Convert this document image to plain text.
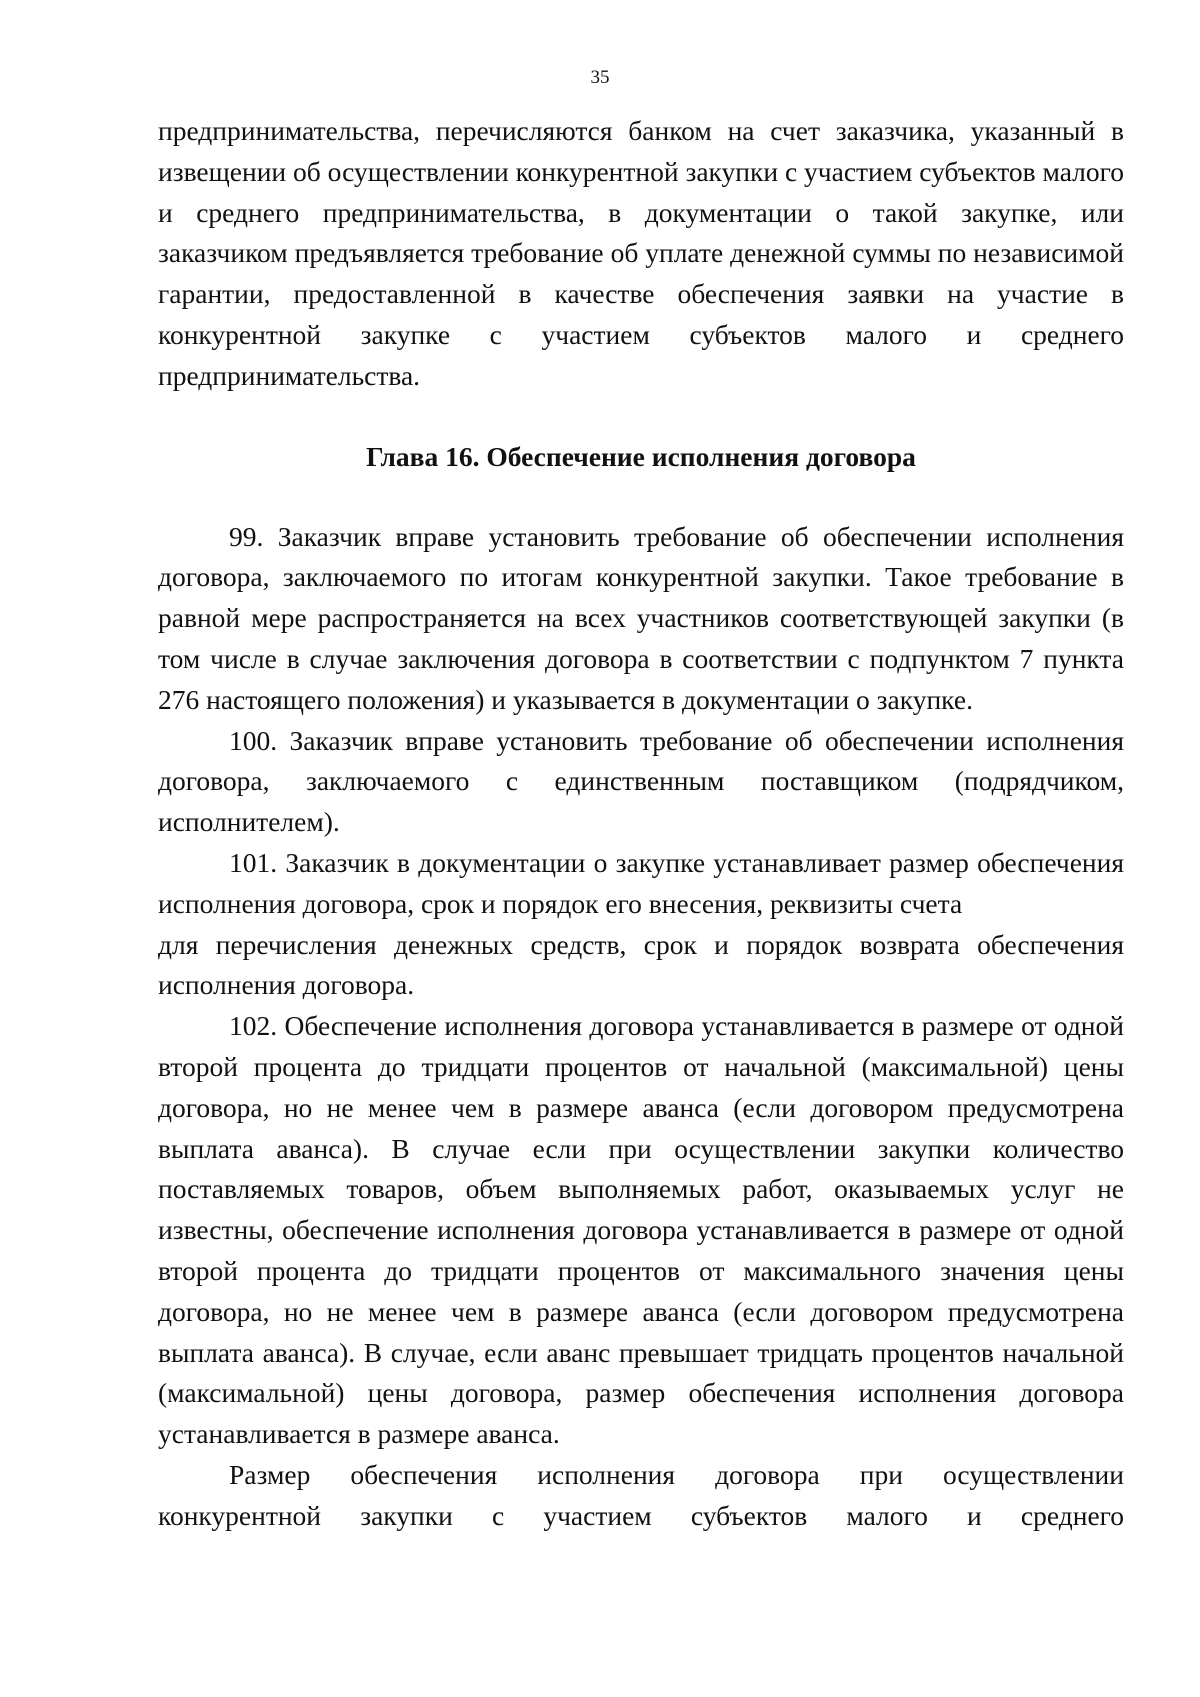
35

предпринимательства, перечисляются банком на счет заказчика, указанный в извещении об осуществлении конкурентной закупки с участием субъектов малого и среднего предпринимательства, в документации о такой закупке, или заказчиком предъявляется требование об уплате денежной суммы по независимой гарантии, предоставленной в качестве обеспечения заявки на участие в конкурентной закупке с участием субъектов малого и среднего предпринимательства.

Глава 16. Обеспечение исполнения договора

99. Заказчик вправе установить требование об обеспечении исполнения договора, заключаемого по итогам конкурентной закупки. Такое требование в равной мере распространяется на всех участников соответствующей закупки (в том числе в случае заключения договора в соответствии с подпунктом 7 пункта 276 настоящего положения) и указывается в документации о закупке.

100. Заказчик вправе установить требование об обеспечении исполнения договора, заключаемого с единственным поставщиком (подрядчиком, исполнителем).

101. Заказчик в документации о закупке устанавливает размер обеспечения исполнения договора, срок и порядок его внесения, реквизиты счета

для перечисления денежных средств, срок и порядок возврата обеспечения исполнения договора.

102. Обеспечение исполнения договора устанавливается в размере от одной второй процента до тридцати процентов от начальной (максимальной) цены договора, но не менее чем в размере аванса (если договором предусмотрена выплата аванса). В случае если при осуществлении закупки количество поставляемых товаров, объем выполняемых работ, оказываемых услуг не известны, обеспечение исполнения договора устанавливается в размере от одной второй процента до тридцати процентов от максимального значения цены договора, но не менее чем в размере аванса (если договором предусмотрена выплата аванса). В случае, если аванс превышает тридцать процентов начальной (максимальной) цены договора, размер обеспечения исполнения договора устанавливается в размере аванса.

Размер обеспечения исполнения договора при осуществлении конкурентной закупки с участием субъектов малого и среднего
